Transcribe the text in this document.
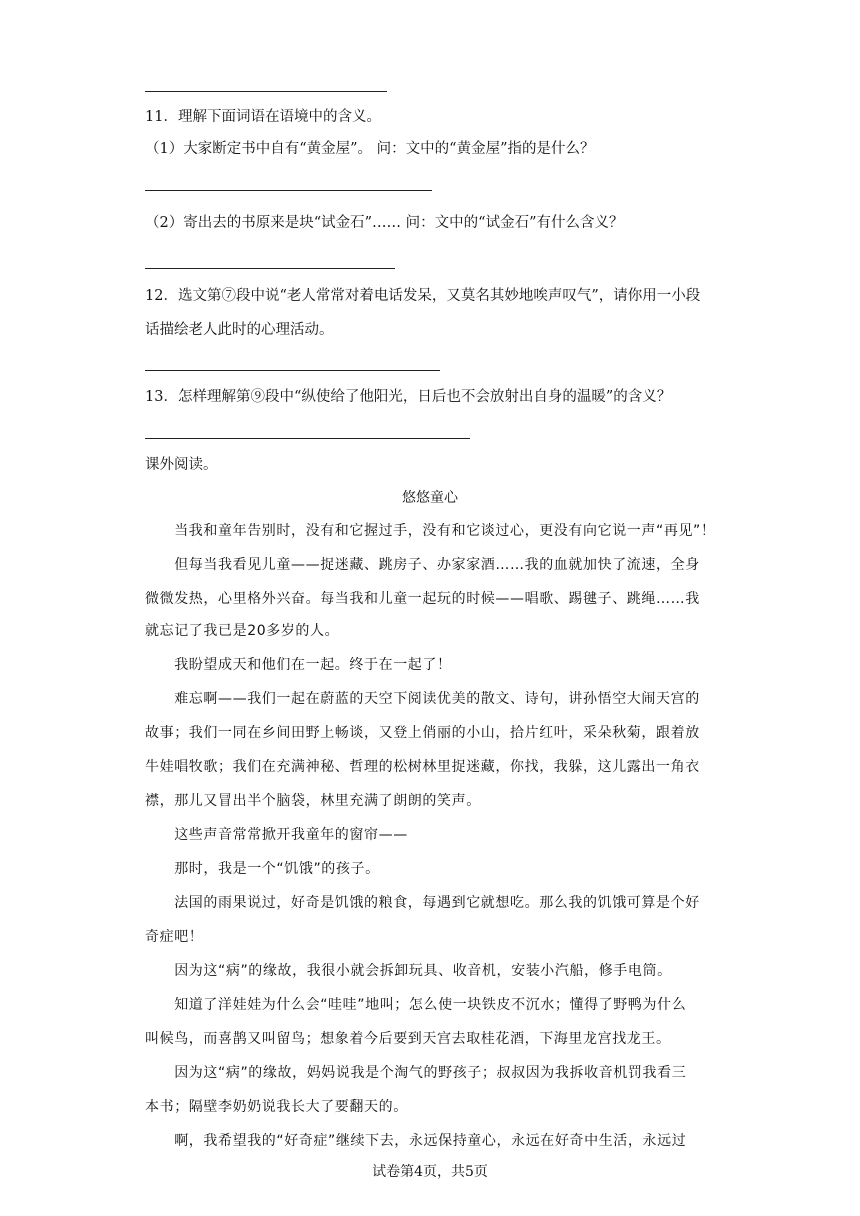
11．理解下面词语在语境中的含义。
（1）大家断定书中自有“黄金屋”。 问：文中的“黄金屋”指的是什么？
（2）寄出去的书原来是块“试金石”…… 问：文中的“试金石”有什么含义？
12．选文第⑦段中说“老人常常对着电话发呆，又莫名其妙地唉声叹气”，请你用一小段
话描绘老人此时的心理活动。
13．怎样理解第⑨段中“纵使给了他阳光，日后也不会放射出自身的温暖”的含义？
课外阅读。
悠悠童心
　　当我和童年告别时，没有和它握过手，没有和它谈过心，更没有向它说一声“再见”！
　　但每当我看见儿童——捉迷藏、跳房子、办家家酒……我的血就加快了流速，全身
微微发热，心里格外兴奋。每当我和儿童一起玩的时候——唱歌、踢毽子、跳绳……我
就忘记了我已是20多岁的人。
　　我盼望成天和他们在一起。终于在一起了！
　　难忘啊——我们一起在蔚蓝的天空下阅读优美的散文、诗句，讲孙悟空大闹天宫的
故事；我们一同在乡间田野上畅谈，又登上俏丽的小山，拾片红叶，采朵秋菊，跟着放
牛娃唱牧歌；我们在充满神秘、哲理的松树林里捉迷藏，你找，我躲，这儿露出一角衣
襟，那儿又冒出半个脑袋，林里充满了朗朗的笑声。
　　这些声音常常掀开我童年的窗帘——
　　那时，我是一个“饥饿”的孩子。
　　法国的雨果说过，好奇是饥饿的粮食，每遇到它就想吃。那么我的饥饿可算是个好
奇症吧！
　　因为这“病”的缘故，我很小就会拆卸玩具、收音机，安装小汽船，修手电筒。
　　知道了洋娃娃为什么会“哇哇”地叫；怎么使一块铁皮不沉水；懂得了野鸭为什么
叫候鸟，而喜鹊又叫留鸟；想象着今后要到天宫去取桂花酒，下海里龙宫找龙王。
　　因为这“病”的缘故，妈妈说我是个淘气的野孩子；叔叔因为我拆收音机罚我看三
本书；隔壁李奶奶说我长大了要翻天的。
　　啊，我希望我的“好奇症”继续下去，永远保持童心，永远在好奇中生活，永远过
试卷第4页，共5页
